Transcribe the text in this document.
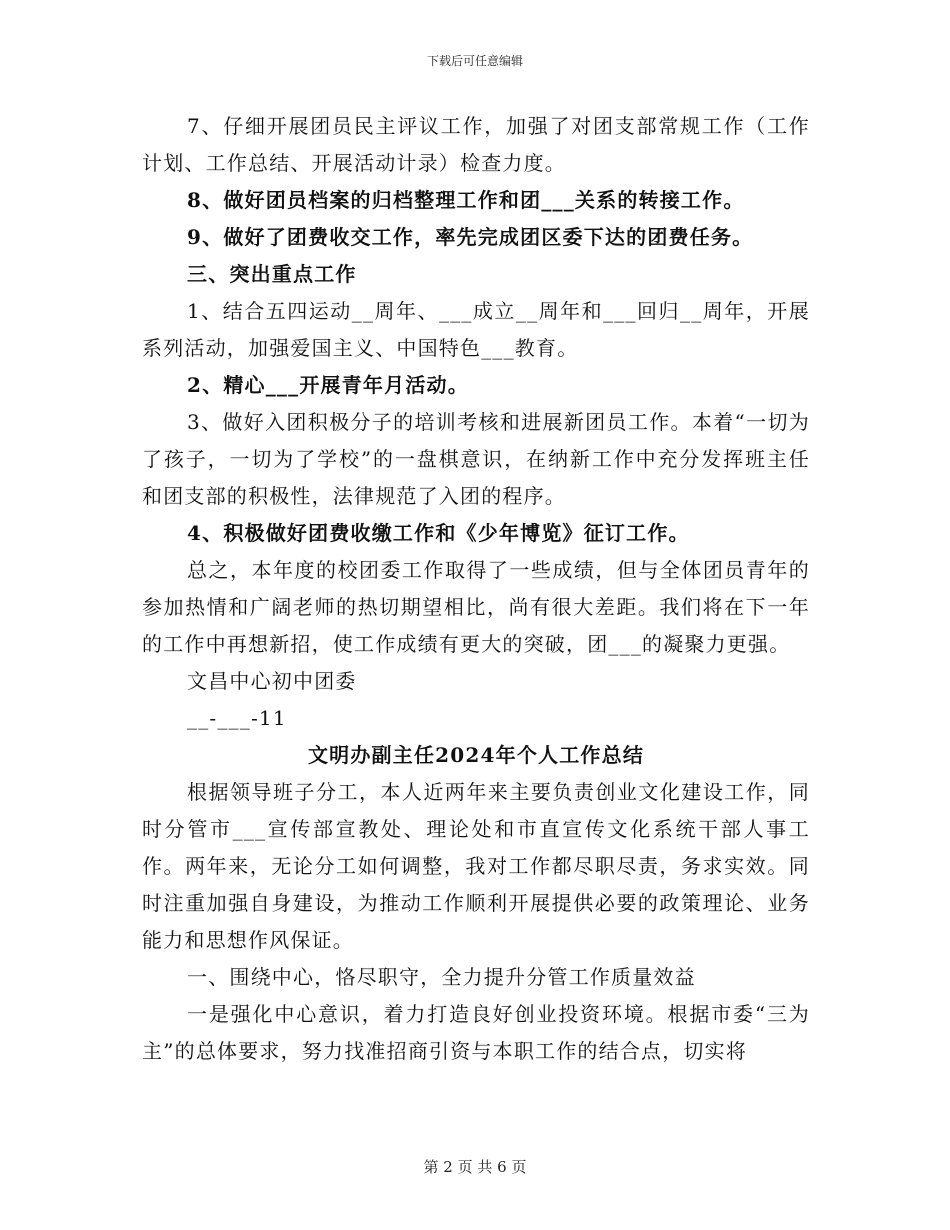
下载后可任意编辑

7、仔细开展团员民主评议工作，加强了对团支部常规工作（工作计划、工作总结、开展活动计录）检查力度。

8、做好团员档案的归档整理工作和团___关系的转接工作。

9、做好了团费收交工作，率先完成团区委下达的团费任务。

三、突出重点工作

1、结合五四运动__周年、___成立__周年和___回归__周年，开展系列活动，加强爱国主义、中国特色___教育。

2、精心___开展青年月活动。

3、做好入团积极分子的培训考核和进展新团员工作。本着“一切为了孩子，一切为了学校”的一盘棋意识，在纳新工作中充分发挥班主任和团支部的积极性，法律规范了入团的程序。

4、积极做好团费收缴工作和《少年博览》征订工作。

总之，本年度的校团委工作取得了一些成绩，但与全体团员青年的参加热情和广阔老师的热切期望相比，尚有很大差距。我们将在下一年的工作中再想新招，使工作成绩有更大的突破，团___的凝聚力更强。

文昌中心初中团委

__-___-11

文明办副主任2024年个人工作总结

根据领导班子分工，本人近两年来主要负责创业文化建设工作，同时分管市___宣传部宣教处、理论处和市直宣传文化系统干部人事工作。两年来，无论分工如何调整，我对工作都尽职尽责，务求实效。同时注重加强自身建设，为推动工作顺利开展提供必要的政策理论、业务能力和思想作风保证。

一、围绕中心，恪尽职守，全力提升分管工作质量效益

一是强化中心意识，着力打造良好创业投资环境。根据市委“三为主”的总体要求，努力找准招商引资与本职工作的结合点，切实将

第 2 页 共 6 页
